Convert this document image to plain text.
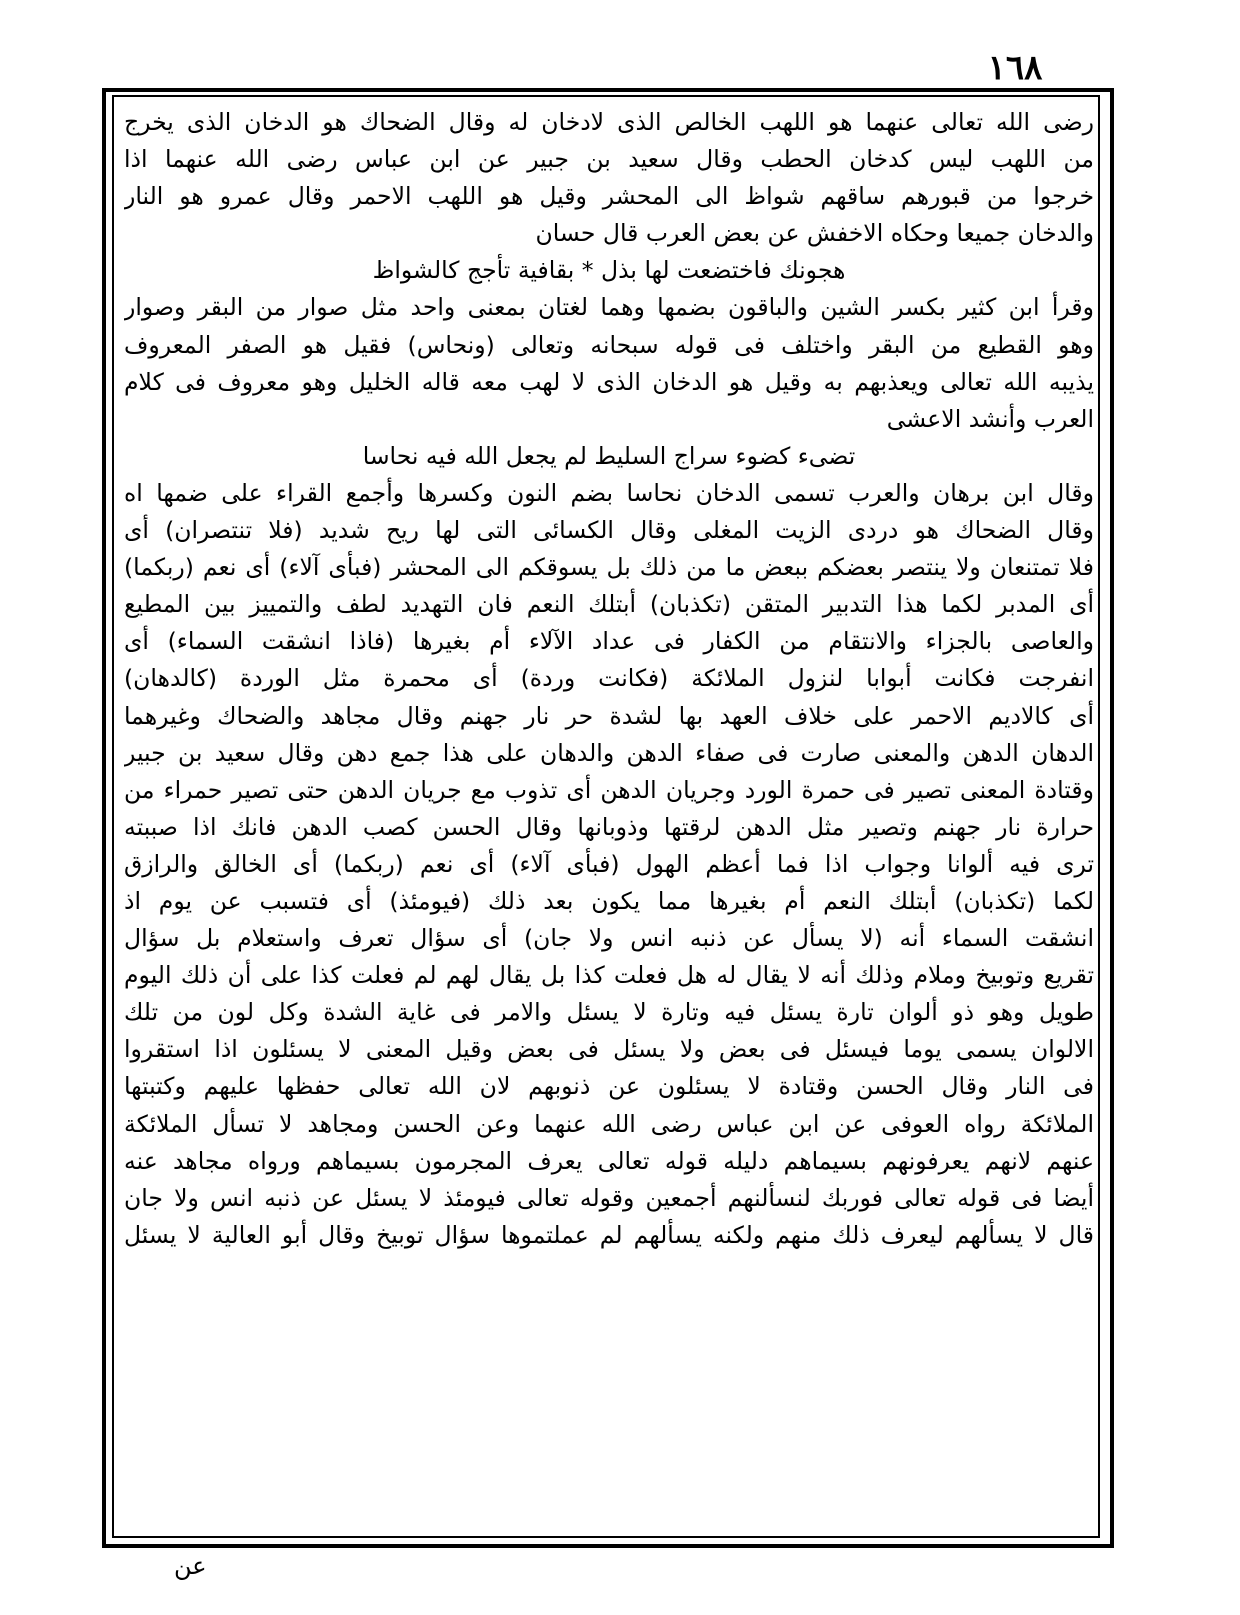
١٦٨
رضى الله تعالى عنهما هو اللهب الخالص الذى لادخان له وقال الضحاك هو الدخان الذى يخرج
من اللهب ليس كدخان الحطب وقال سعيد بن جبير عن ابن عباس رضى الله عنهما اذا
خرجوا من قبورهم ساقهم شواظ الى المحشر وقيل هو اللهب الاحمر وقال عمرو هو النار
والدخان جميعا وحكاه الاخفش عن بعض العرب قال حسان
هجونك فاختضعت لها بذل * بقافية تأجج كالشواظ
وقرأ ابن كثير بكسر الشين والباقون بضمها وهما لغتان بمعنى واحد مثل صوار من البقر وصوار
وهو القطيع من البقر واختلف فى قوله سبحانه وتعالى (ونحاس) فقيل هو الصفر المعروف
يذيبه الله تعالى ويعذبهم به وقيل هو الدخان الذى لا لهب معه قاله الخليل وهو معروف فى كلام
العرب وأنشد الاعشى
تضىء كضوء سراج السليط لم يجعل الله فيه نحاسا
وقال ابن برهان والعرب تسمى الدخان نحاسا بضم النون وكسرها وأجمع القراء على ضمها اه
وقال الضحاك هو دردى الزيت المغلى وقال الكسائى التى لها ريح شديد (فلا تنتصران) أى
فلا تمتنعان ولا ينتصر بعضكم ببعض ما من ذلك بل يسوقكم الى المحشر (فبأى آلاء) أى نعم (ربكما)
أى المدبر لكما هذا التدبير المتقن (تكذبان) أبتلك النعم فان التهديد لطف والتمييز بين المطيع
والعاصى بالجزاء والانتقام من الكفار فى عداد الآلاء أم بغيرها (فاذا انشقت السماء) أى
انفرجت فكانت أبوابا لنزول الملائكة (فكانت وردة) أى محمرة مثل الوردة (كالدهان)
أى كالاديم الاحمر على خلاف العهد بها لشدة حر نار جهنم وقال مجاهد والضحاك وغيرهما
الدهان الدهن والمعنى صارت فى صفاء الدهن والدهان على هذا جمع دهن وقال سعيد بن جبير
وقتادة المعنى تصير فى حمرة الورد وجريان الدهن أى تذوب مع جريان الدهن حتى تصير حمراء من
حرارة نار جهنم وتصير مثل الدهن لرقتها وذوبانها وقال الحسن كصب الدهن فانك اذا صببته
ترى فيه ألوانا وجواب اذا فما أعظم الهول (فبأى آلاء) أى نعم (ربكما) أى الخالق والرازق
لكما (تكذبان) أبتلك النعم أم بغيرها مما يكون بعد ذلك (فيومئذ) أى فتسبب عن يوم اذ
انشقت السماء أنه (لا يسأل عن ذنبه انس ولا جان) أى سؤال تعرف واستعلام بل سؤال
تقريع وتوبيخ وملام وذلك أنه لا يقال له هل فعلت كذا بل يقال لهم لم فعلت كذا على أن ذلك اليوم
طويل وهو ذو ألوان تارة يسئل فيه وتارة لا يسئل والامر فى غاية الشدة وكل لون من تلك
الالوان يسمى يوما فيسئل فى بعض ولا يسئل فى بعض وقيل المعنى لا يسئلون اذا استقروا
فى النار وقال الحسن وقتادة لا يسئلون عن ذنوبهم لان الله تعالى حفظها عليهم وكتبتها
الملائكة رواه العوفى عن ابن عباس رضى الله عنهما وعن الحسن ومجاهد لا تسأل الملائكة
عنهم لانهم يعرفونهم بسيماهم دليله قوله تعالى يعرف المجرمون بسيماهم ورواه مجاهد عنه
أيضا فى قوله تعالى فوربك لنسألنهم أجمعين وقوله تعالى فيومئذ لا يسئل عن ذنبه انس ولا جان
قال لا يسألهم ليعرف ذلك منهم ولكنه يسألهم لم عملتموها سؤال توبيخ وقال أبو العالية لا يسئل
عن
